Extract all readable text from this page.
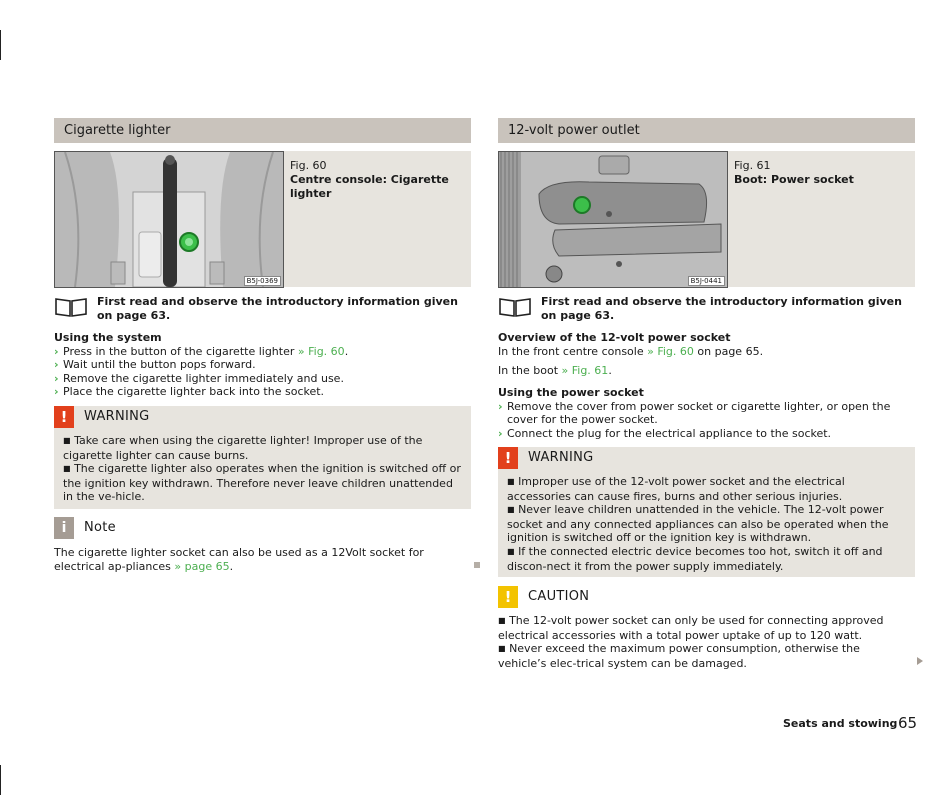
Cigarette lighter
B5J-0369
Fig. 60
Centre console: Cigarette lighter
First read and observe the introductory information given on page 63.
Using the system
› Press in the button of the cigarette lighter » Fig. 60.
› Wait until the button pops forward.
› Remove the cigarette lighter immediately and use.
› Place the cigarette lighter back into the socket.
!	WARNING
■ Take care when using the cigarette lighter! Improper use of the cigarette lighter can cause burns.
■ The cigarette lighter also operates when the ignition is switched off or the ignition key withdrawn. Therefore never leave children unattended in the ve-hicle.
i	Note
The cigarette lighter socket can also be used as a 12Volt socket for electrical ap-pliances » page 65.
12-volt power outlet
B5J-0441
Fig. 61
Boot: Power socket
First read and observe the introductory information given on page 63.
Overview of the 12-volt power socket
In the front centre console » Fig. 60 on page 65.
In the boot » Fig. 61.
Using the power socket
› Remove the cover from power socket or cigarette lighter, or open the cover for the power socket.
› Connect the plug for the electrical appliance to the socket.
!	WARNING
■ Improper use of the 12-volt power socket and the electrical accessories can cause fires, burns and other serious injuries.
■ Never leave children unattended in the vehicle. The 12-volt power socket and any connected appliances can also be operated when the ignition is switched off or the ignition key is withdrawn.
■ If the connected electric device becomes too hot, switch it off and discon-nect it from the power supply immediately.
!	CAUTION
■ The 12-volt power socket can only be used for connecting approved electrical accessories with a total power uptake of up to 120 watt.
■ Never exceed the maximum power consumption, otherwise the vehicle’s elec-trical system can be damaged.
Seats and stowing 65
